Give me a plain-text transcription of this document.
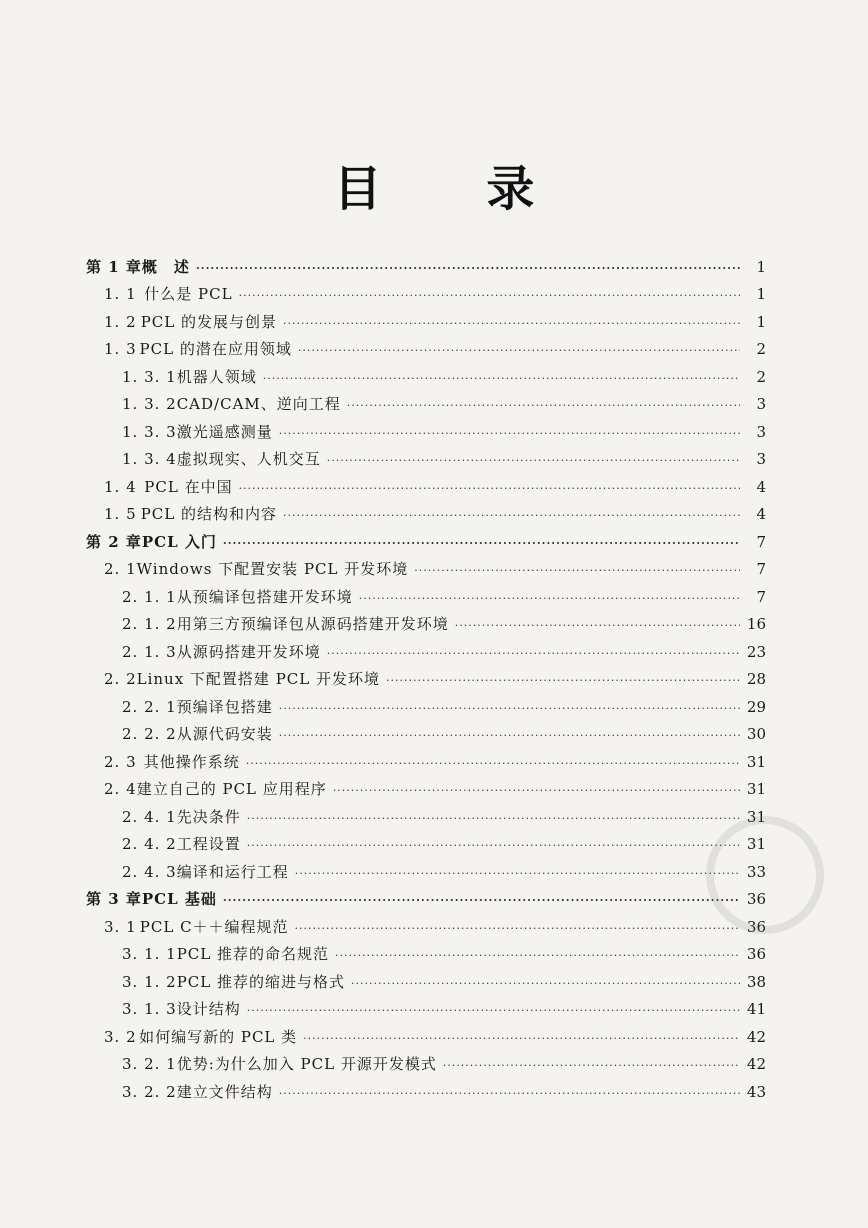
目 录
第 1 章 概　述 ·····	1
1. 1 什么是 PCL ·····	1
1. 2 PCL 的发展与创景 ·····	1
1. 3 PCL 的潜在应用领域 ·····	2
1. 3. 1 机器人领域 ·····	2
1. 3. 2 CAD/CAM、逆向工程 ·····	3
1. 3. 3 激光遥感测量 ·····	3
1. 3. 4 虚拟现实、人机交互 ·····	3
1. 4 PCL 在中国 ·····	4
1. 5 PCL 的结构和内容 ·····	4
第 2 章 PCL 入门 ·····	7
2. 1 Windows 下配置安装 PCL 开发环境 ·····	7
2. 1. 1 从预编译包搭建开发环境 ·····	7
2. 1. 2 用第三方预编译包从源码搭建开发环境 ·····	16
2. 1. 3 从源码搭建开发环境 ·····	23
2. 2 Linux 下配置搭建 PCL 开发环境 ·····	28
2. 2. 1 预编译包搭建 ·····	29
2. 2. 2 从源代码安装 ·····	30
2. 3 其他操作系统 ·····	31
2. 4 建立自己的 PCL 应用程序 ·····	31
2. 4. 1 先决条件 ·····	31
2. 4. 2 工程设置 ·····	31
2. 4. 3 编译和运行工程 ·····	33
第 3 章 PCL 基础 ·····	36
3. 1 PCL C＋＋编程规范 ·····	36
3. 1. 1 PCL 推荐的命名规范 ·····	36
3. 1. 2 PCL 推荐的缩进与格式 ·····	38
3. 1. 3 设计结构 ·····	41
3. 2 如何编写新的 PCL 类 ·····	42
3. 2. 1 优势:为什么加入 PCL 开源开发模式 ·····	42
3. 2. 2 建立文件结构 ·····	43
